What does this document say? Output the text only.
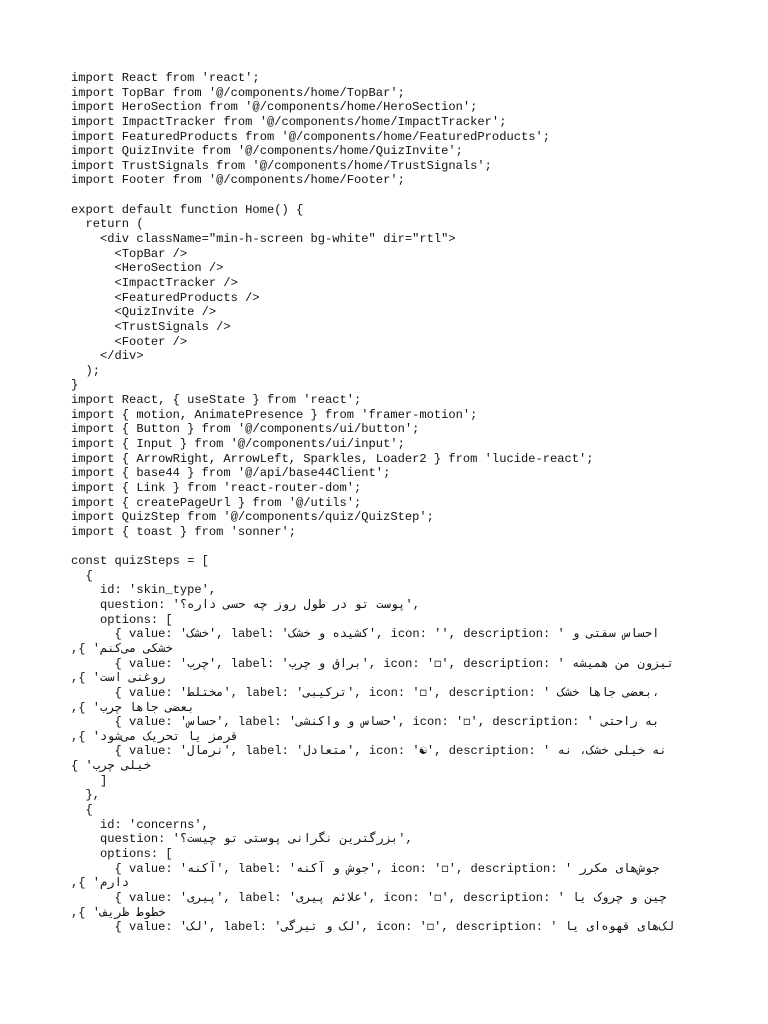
import React from 'react';
import TopBar from '@/components/home/TopBar';
import HeroSection from '@/components/home/HeroSection';
import ImpactTracker from '@/components/home/ImpactTracker';
import FeaturedProducts from '@/components/home/FeaturedProducts';
import QuizInvite from '@/components/home/QuizInvite';
import TrustSignals from '@/components/home/TrustSignals';
import Footer from '@/components/home/Footer';
export default function Home() {
return (
<div className="min-h-screen bg-white" dir="rtl">
<TopBar />
<HeroSection />
<ImpactTracker />
<FeaturedProducts />
<QuizInvite />
<TrustSignals />
<Footer />
</div>
);
}
import React, { useState } from 'react';
import { motion, AnimatePresence } from 'framer-motion';
import { Button } from '@/components/ui/button';
import { Input } from '@/components/ui/input';
import { ArrowRight, ArrowLeft, Sparkles, Loader2 } from 'lucide-react';
import { base44 } from '@/api/base44Client';
import { Link } from 'react-router-dom';
import { createPageUrl } from '@/utils';
import QuizStep from '@/components/quiz/QuizStep';
import { toast } from 'sonner';
const quizSteps = [
{
id: 'skin_type',
question: 'پوست تو در طول روز چه حسی داره؟',
options: [
{ value: 'خشک', label: 'کشیده و خشک', icon: '', description: ' احساس سفتی و
خشکی می‌کنم' },
{ value: 'چرب', label: 'براق و چرب', icon: '◻', description: ' تیزون من همیشه
روغنی است' },
{ value: 'مختلط', label: 'ترکیبی', icon: '◻', description: ' بعضی جاها خشک،
بعضی جاها چرب' },
{ value: 'حساس', label: 'حساس و واکنشی', icon: '◻', description: ' به راحتی
قرمز یا تحریک می‌شود' },
{ value: 'نرمال', label: 'متعادل', icon: '☯', description: ' نه خیلی خشک، نه
خیلی چرب' }
]
},
{
id: 'concerns',
question: 'بزرگترین نگرانی پوستی تو چیست؟',
options: [
{ value: 'آکنه', label: 'جوش و آکنه', icon: '◻', description: ' جوش‌های مکرر
دارم' },
{ value: 'پیری', label: 'علائم پیری', icon: '◻', description: ' چین و چروک یا
خطوط ظریف' },
{ value: 'لک', label: 'لک و تیرگی', icon: '◻', description: ' لک‌های قهوه‌ای یا
